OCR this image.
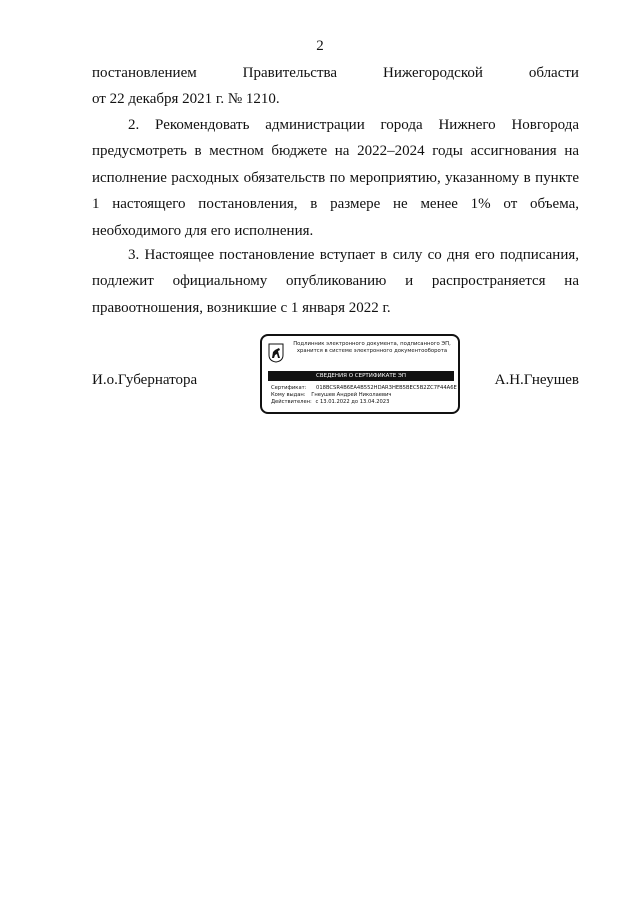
2
постановлением	Правительства	Нижегородской	области
от 22 декабря 2021 г. № 1210.
2. Рекомендовать администрации города Нижнего Новгорода
предусмотреть в местном бюджете на 2022–2024 годы ассигнования на
исполнение расходных обязательств по мероприятию, указанному в пункте
1 настоящего постановления, в размере не менее 1% от объема,
необходимого для его исполнения.
3. Настоящее постановление вступает в силу со дня его подписания,
подлежит официальному опубликованию и распространяется на
правоотношения, возникшие с 1 января 2022 г.
И.о.Губернатора	А.Н.Гнеушев
Подлинник электронного документа, подписанного ЭП,
хранится в системе электронного документооборота
СВЕДЕНИЯ О СЕРТИФИКАТЕ ЭП
Сертификат: 018BCSR4B6EA4B552HDAR3HEB5BEC5B2ZC7F44A6E
Кому выдан: Гнеушев Андрей Николаевич
Действителен: с 13.01.2022 до 13.04.2023
